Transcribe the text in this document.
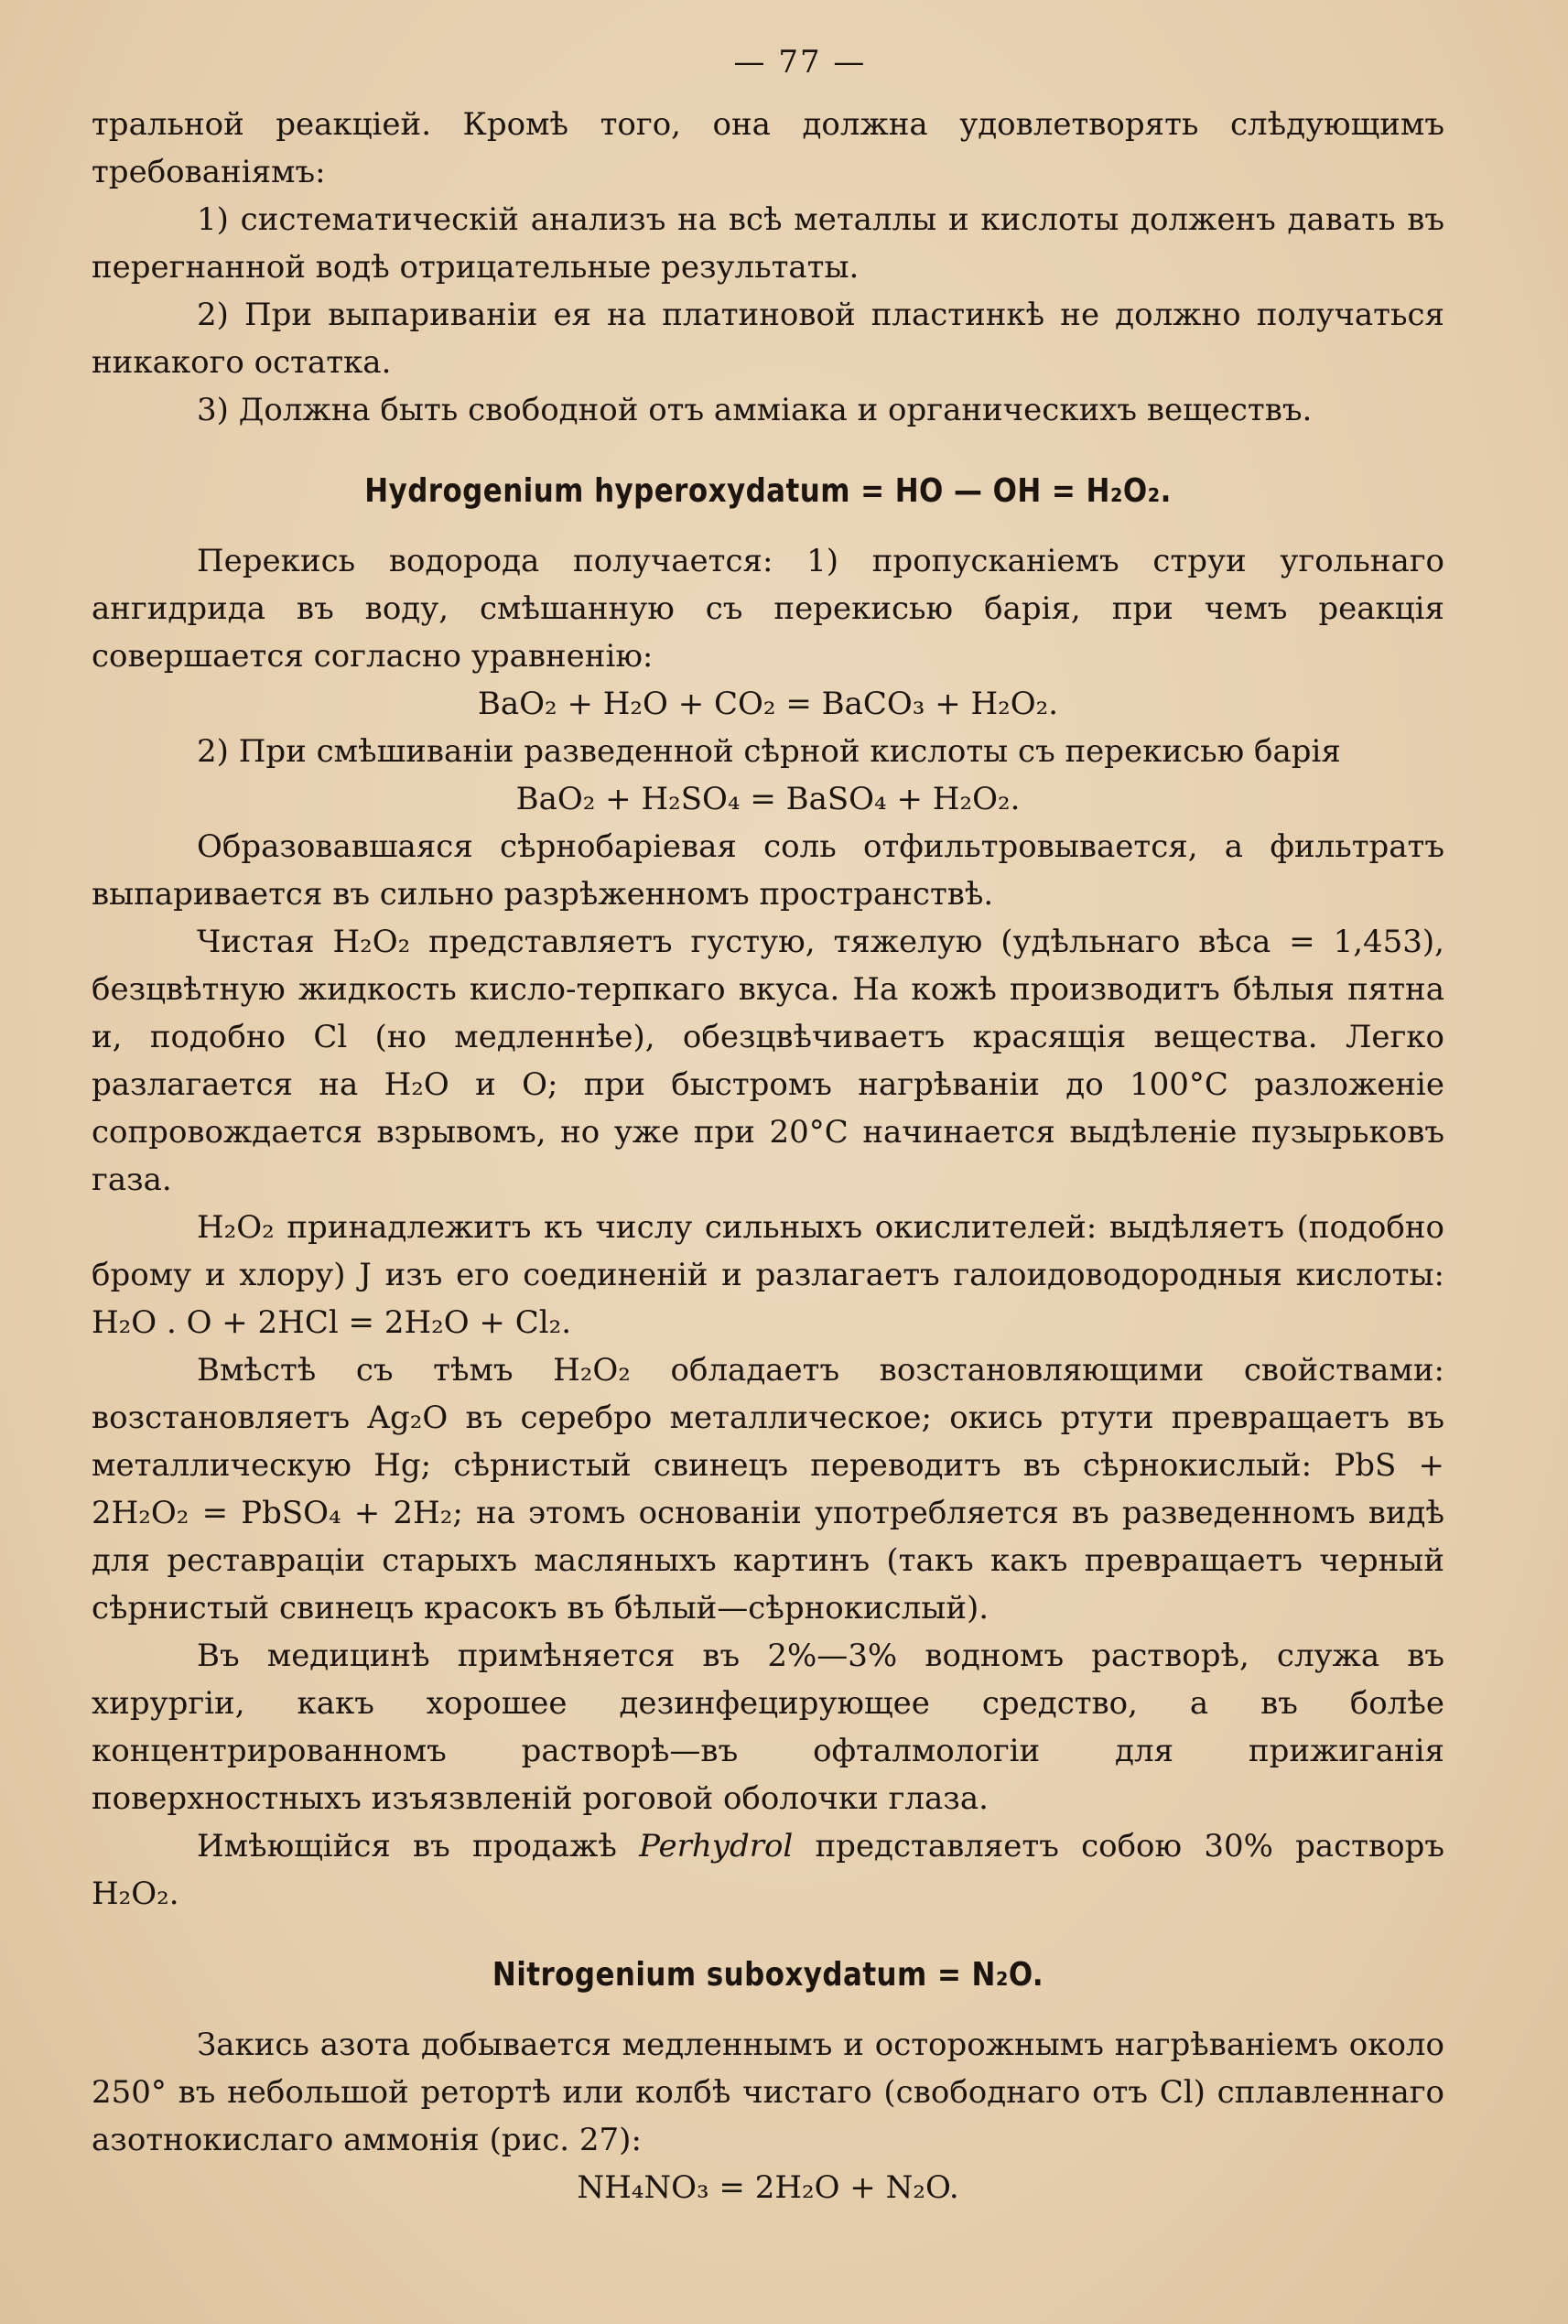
— 77 —

тральной реакціей. Кромѣ того, она должна удовлетворять слѣдующимъ требованіямъ:

1) систематическій анализъ на всѣ металлы и кислоты долженъ давать въ перегнанной водѣ отрицательные результаты.

2) При выпариваніи ея на платиновой пластинкѣ не должно получаться никакого остатка.

3) Должна быть свободной отъ аммiака и органическихъ веществъ.

Hydrogenium hyperoxydatum = HO — OH = H₂O₂.

Перекись водорода получается: 1) пропусканіемъ струи угольнаго ангидрида въ воду, смѣшанную съ перекисью барія, при чемъ реакція совершается согласно уравненію:

BaO₂ + H₂O + CO₂ = BaCO₃ + H₂O₂.

2) При смѣшиваніи разведенной сѣрной кислоты съ перекисью барія

BaO₂ + H₂SO₄ = BaSO₄ + H₂O₂.

Образовавшаяся сѣрнобаріевая соль отфильтровывается, а фильтратъ выпаривается въ сильно разрѣженномъ пространствѣ.

Чистая H₂O₂ представляетъ густую, тяжелую (удѣльнаго вѣса = 1,453), безцвѣтную жидкость кисло-терпкаго вкуса. На кожѣ производитъ бѣлыя пятна и, подобно Cl (но медленнѣе), обезцвѣчиваетъ красящія вещества. Легко разлагается на H₂O и O; при быстромъ нагрѣваніи до 100°C разложеніе сопровождается взрывомъ, но уже при 20°C начинается выдѣленіе пузырьковъ газа.

H₂O₂ принадлежитъ къ числу сильныхъ окислителей: выдѣляетъ (подобно брому и хлору) J изъ его соединеній и разлагаетъ галоидоводородныя кислоты: H₂O . O + 2HCl = 2H₂O + Cl₂.

Вмѣстѣ съ тѣмъ H₂O₂ обладаетъ возстановляющими свойствами: возстановляетъ Ag₂O въ серебро металлическое; окись ртути превращаетъ въ металлическую Hg; сѣрнистый свинецъ переводитъ въ сѣрнокислый: PbS + 2H₂O₂ = PbSO₄ + 2H₂; на этомъ основаніи употребляется въ разведенномъ видѣ для реставраціи старыхъ масляныхъ картинъ (такъ какъ превращаетъ черный сѣрнистый свинецъ красокъ въ бѣлый—сѣрнокислый).

Въ медицинѣ примѣняется въ 2%—3% водномъ растворѣ, служа въ хирургіи, какъ хорошее дезинфецирующее средство, а въ болѣе концентрированномъ растворѣ—въ офталмологіи для прижиганія поверхностныхъ изъязвленій роговой оболочки глаза.

Имѣющійся въ продажѣ Perhydrol представляетъ собою 30% растворъ H₂O₂.

Nitrogenium suboxydatum = N₂O.

Закись азота добывается медленнымъ и осторожнымъ нагрѣваніемъ около 250° въ небольшой ретортѣ или колбѣ чистаго (свободнаго отъ Cl) сплавленнаго азотнокислаго аммонія (рис. 27):

NH₄NO₃ = 2H₂O + N₂O.
